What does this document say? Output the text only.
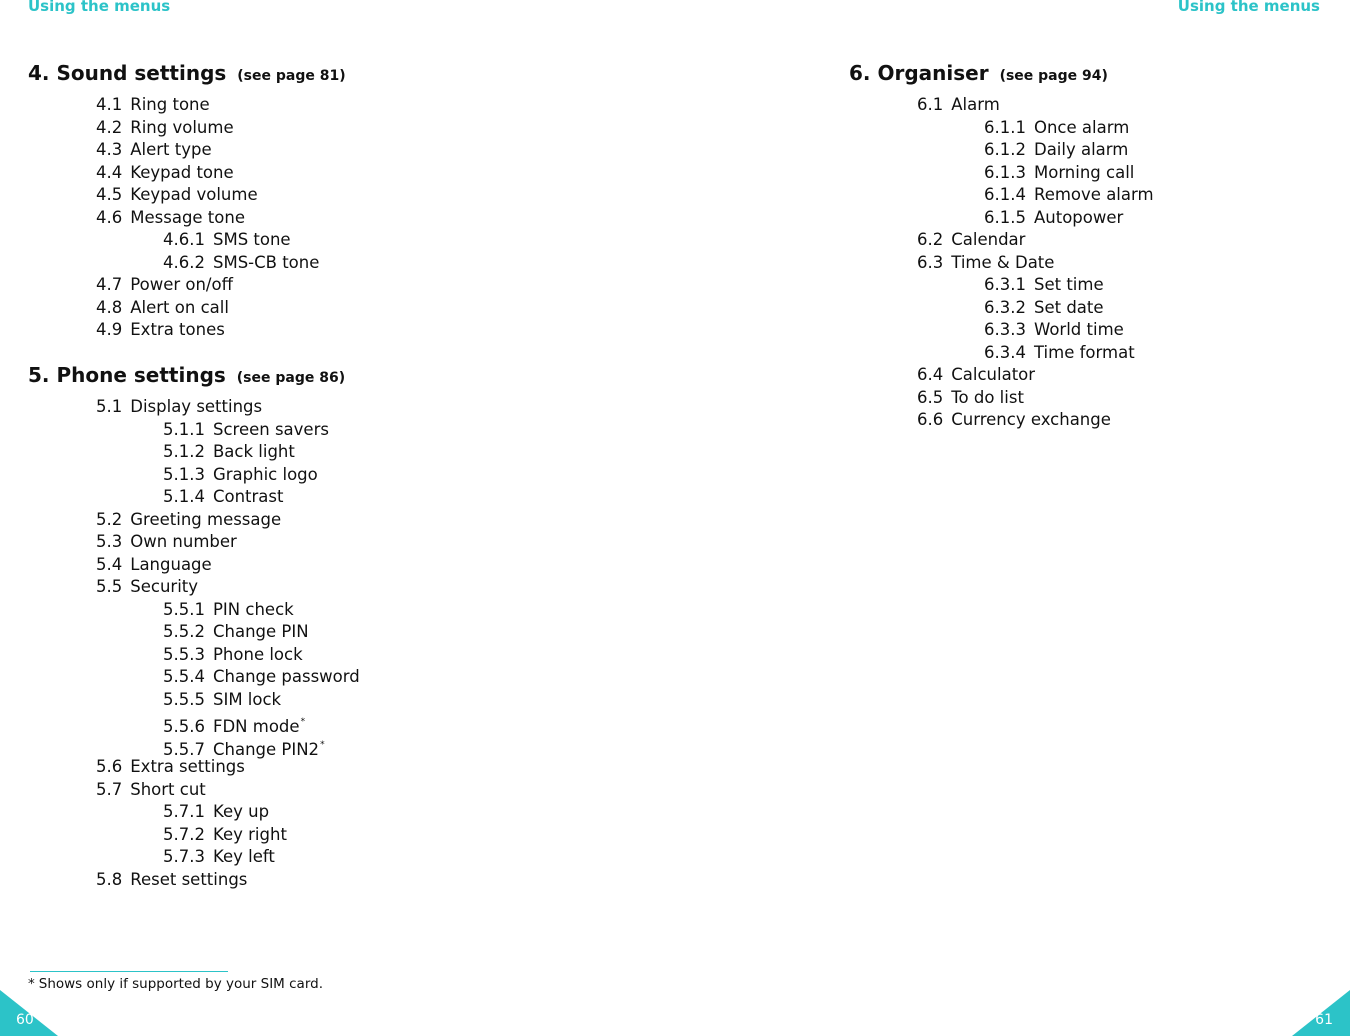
Using the menus	Using the menus
4. Sound settings (see page 81)
4.1 Ring tone
4.2 Ring volume
4.3 Alert type
4.4 Keypad tone
4.5 Keypad volume
4.6 Message tone
4.6.1 SMS tone
4.6.2 SMS-CB tone
4.7 Power on/off
4.8 Alert on call
4.9 Extra tones
5. Phone settings (see page 86)
5.1 Display settings
5.1.1 Screen savers
5.1.2 Back light
5.1.3 Graphic logo
5.1.4 Contrast
5.2 Greeting message
5.3 Own number
5.4 Language
5.5 Security
5.5.1 PIN check
5.5.2 Change PIN
5.5.3 Phone lock
5.5.4 Change password
5.5.5 SIM lock
5.5.6 FDN mode*
5.5.7 Change PIN2*
5.6 Extra settings
5.7 Short cut
5.7.1 Key up
5.7.2 Key right
5.7.3 Key left
5.8 Reset settings
6. Organiser (see page 94)
6.1 Alarm
6.1.1 Once alarm
6.1.2 Daily alarm
6.1.3 Morning call
6.1.4 Remove alarm
6.1.5 Autopower
6.2 Calendar
6.3 Time & Date
6.3.1 Set time
6.3.2 Set date
6.3.3 World time
6.3.4 Time format
6.4 Calculator
6.5 To do list
6.6 Currency exchange
* Shows only if supported by your SIM card.
60	61
